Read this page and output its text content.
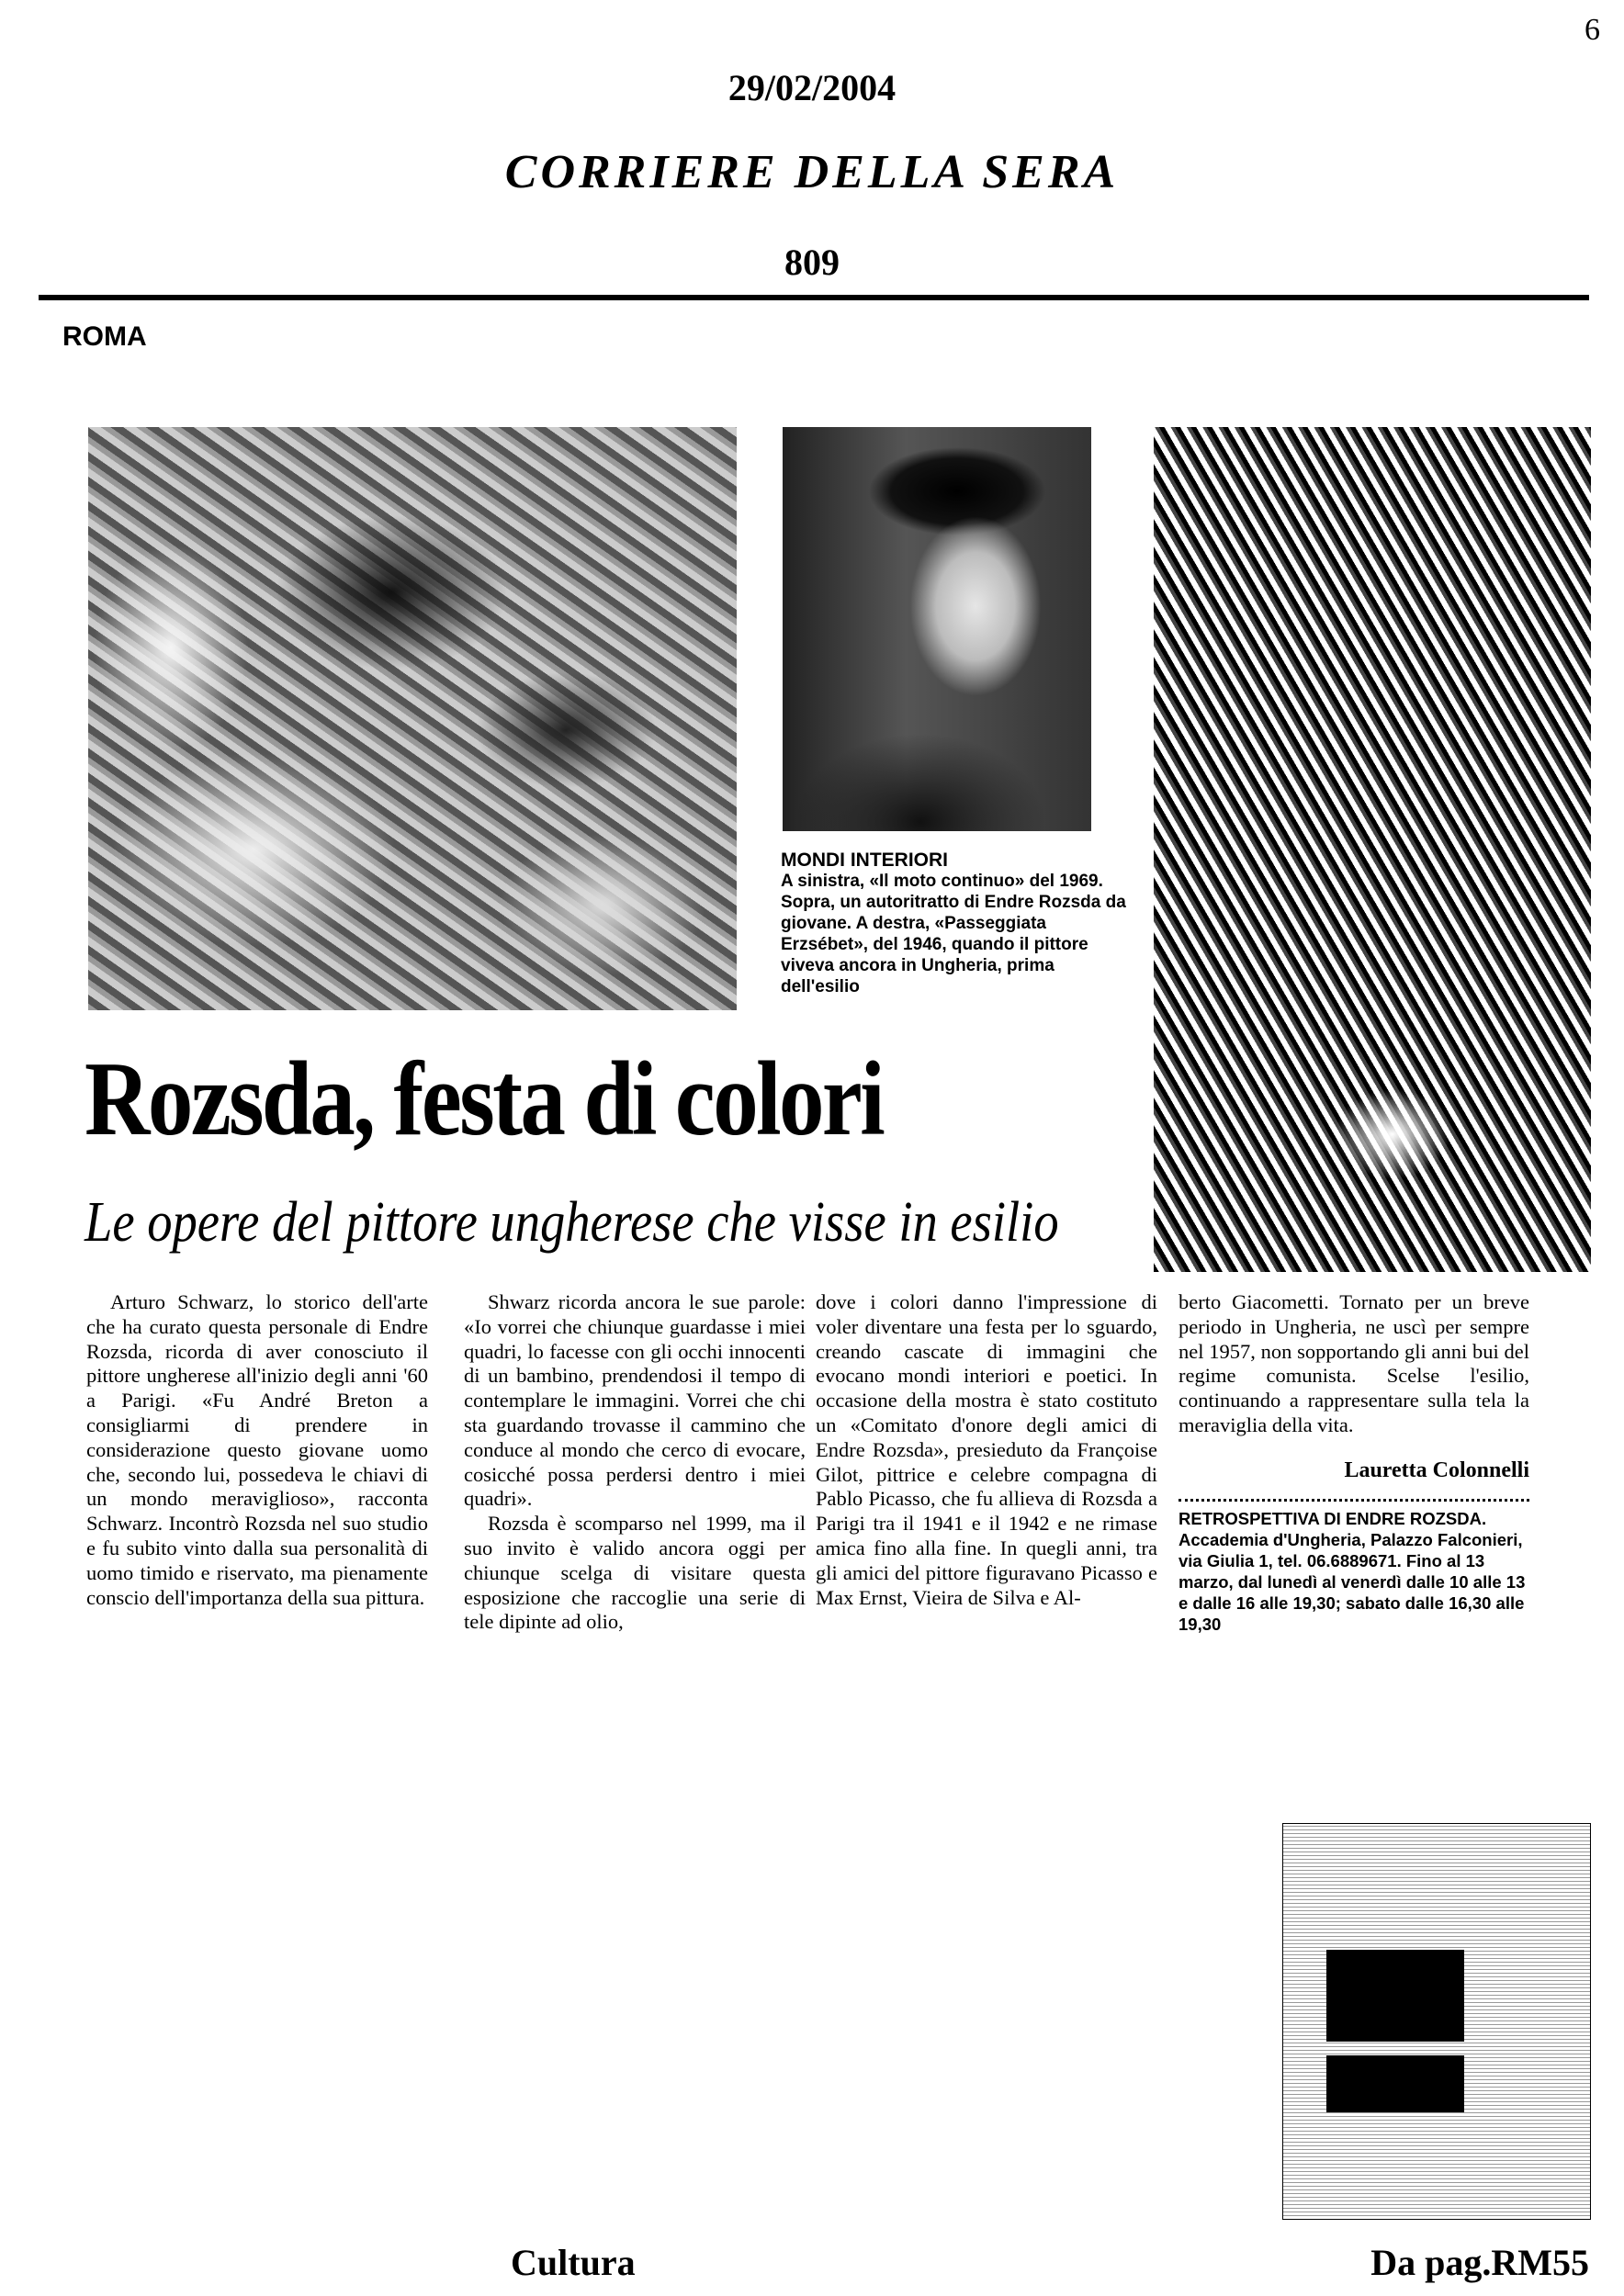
6
29/02/2004
CORRIERE DELLA SERA
809
ROMA
MONDI INTERIORI
A sinistra, «Il moto continuo» del 1969. Sopra, un autoritratto di Endre Rozsda da giovane. A destra, «Passeggiata Erzsébet», del 1946, quando il pittore viveva ancora in Ungheria, prima dell'esilio
Rozsda, festa di colori
Le opere del pittore ungherese che visse in esilio

Arturo Schwarz, lo storico dell'arte che ha curato questa personale di Endre Rozsda, ricorda di aver conosciuto il pittore ungherese all'inizio degli anni '60 a Parigi. «Fu André Breton a consigliarmi di prendere in considerazione questo giovane uomo che, secondo lui, possedeva le chiavi di un mondo meraviglioso», racconta Schwarz. Incontrò Rozsda nel suo studio e fu subito vinto dalla sua personalità di uomo timido e riservato, ma pienamente conscio dell'importanza della sua pittura.

Shwarz ricorda ancora le sue parole: «Io vorrei che chiunque guardasse i miei quadri, lo facesse con gli occhi innocenti di un bambino, prendendosi il tempo di contemplare le immagini. Vorrei che chi sta guardando trovasse il cammino che conduce al mondo che cerco di evocare, cosicché possa perdersi dentro i miei quadri».

Rozsda è scomparso nel 1999, ma il suo invito è valido ancora oggi per chiunque scelga di visitare questa esposizione che raccoglie una serie di tele dipinte ad olio,

dove i colori danno l'impressione di voler diventare una festa per lo sguardo, creando cascate di immagini che evocano mondi interiori e poetici. In occasione della mostra è stato costituto un «Comitato d'onore degli amici di Endre Rozsda», presieduto da Françoise Gilot, pittrice e celebre compagna di Pablo Picasso, che fu allieva di Rozsda a Parigi tra il 1941 e il 1942 e ne rimase amica fino alla fine. In quegli anni, tra gli amici del pittore figuravano Picasso e Max Ernst, Vieira de Silva e Al-

berto Giacometti. Tornato per un breve periodo in Ungheria, ne uscì per sempre nel 1957, non sopportando gli anni bui del regime comunista. Scelse l'esilio, continuando a rappresentare sulla tela la meraviglia della vita.

Lauretta Colonnelli
RETROSPETTIVA DI ENDRE ROZSDA.
Accademia d'Ungheria, Palazzo Falconieri, via Giulia 1, tel. 06.6889671. Fino al 13 marzo, dal lunedì al venerdì dalle 10 alle 13 e dalle 16 alle 19,30; sabato dalle 16,30 alle 19,30
Cultura	Da pag.RM55
